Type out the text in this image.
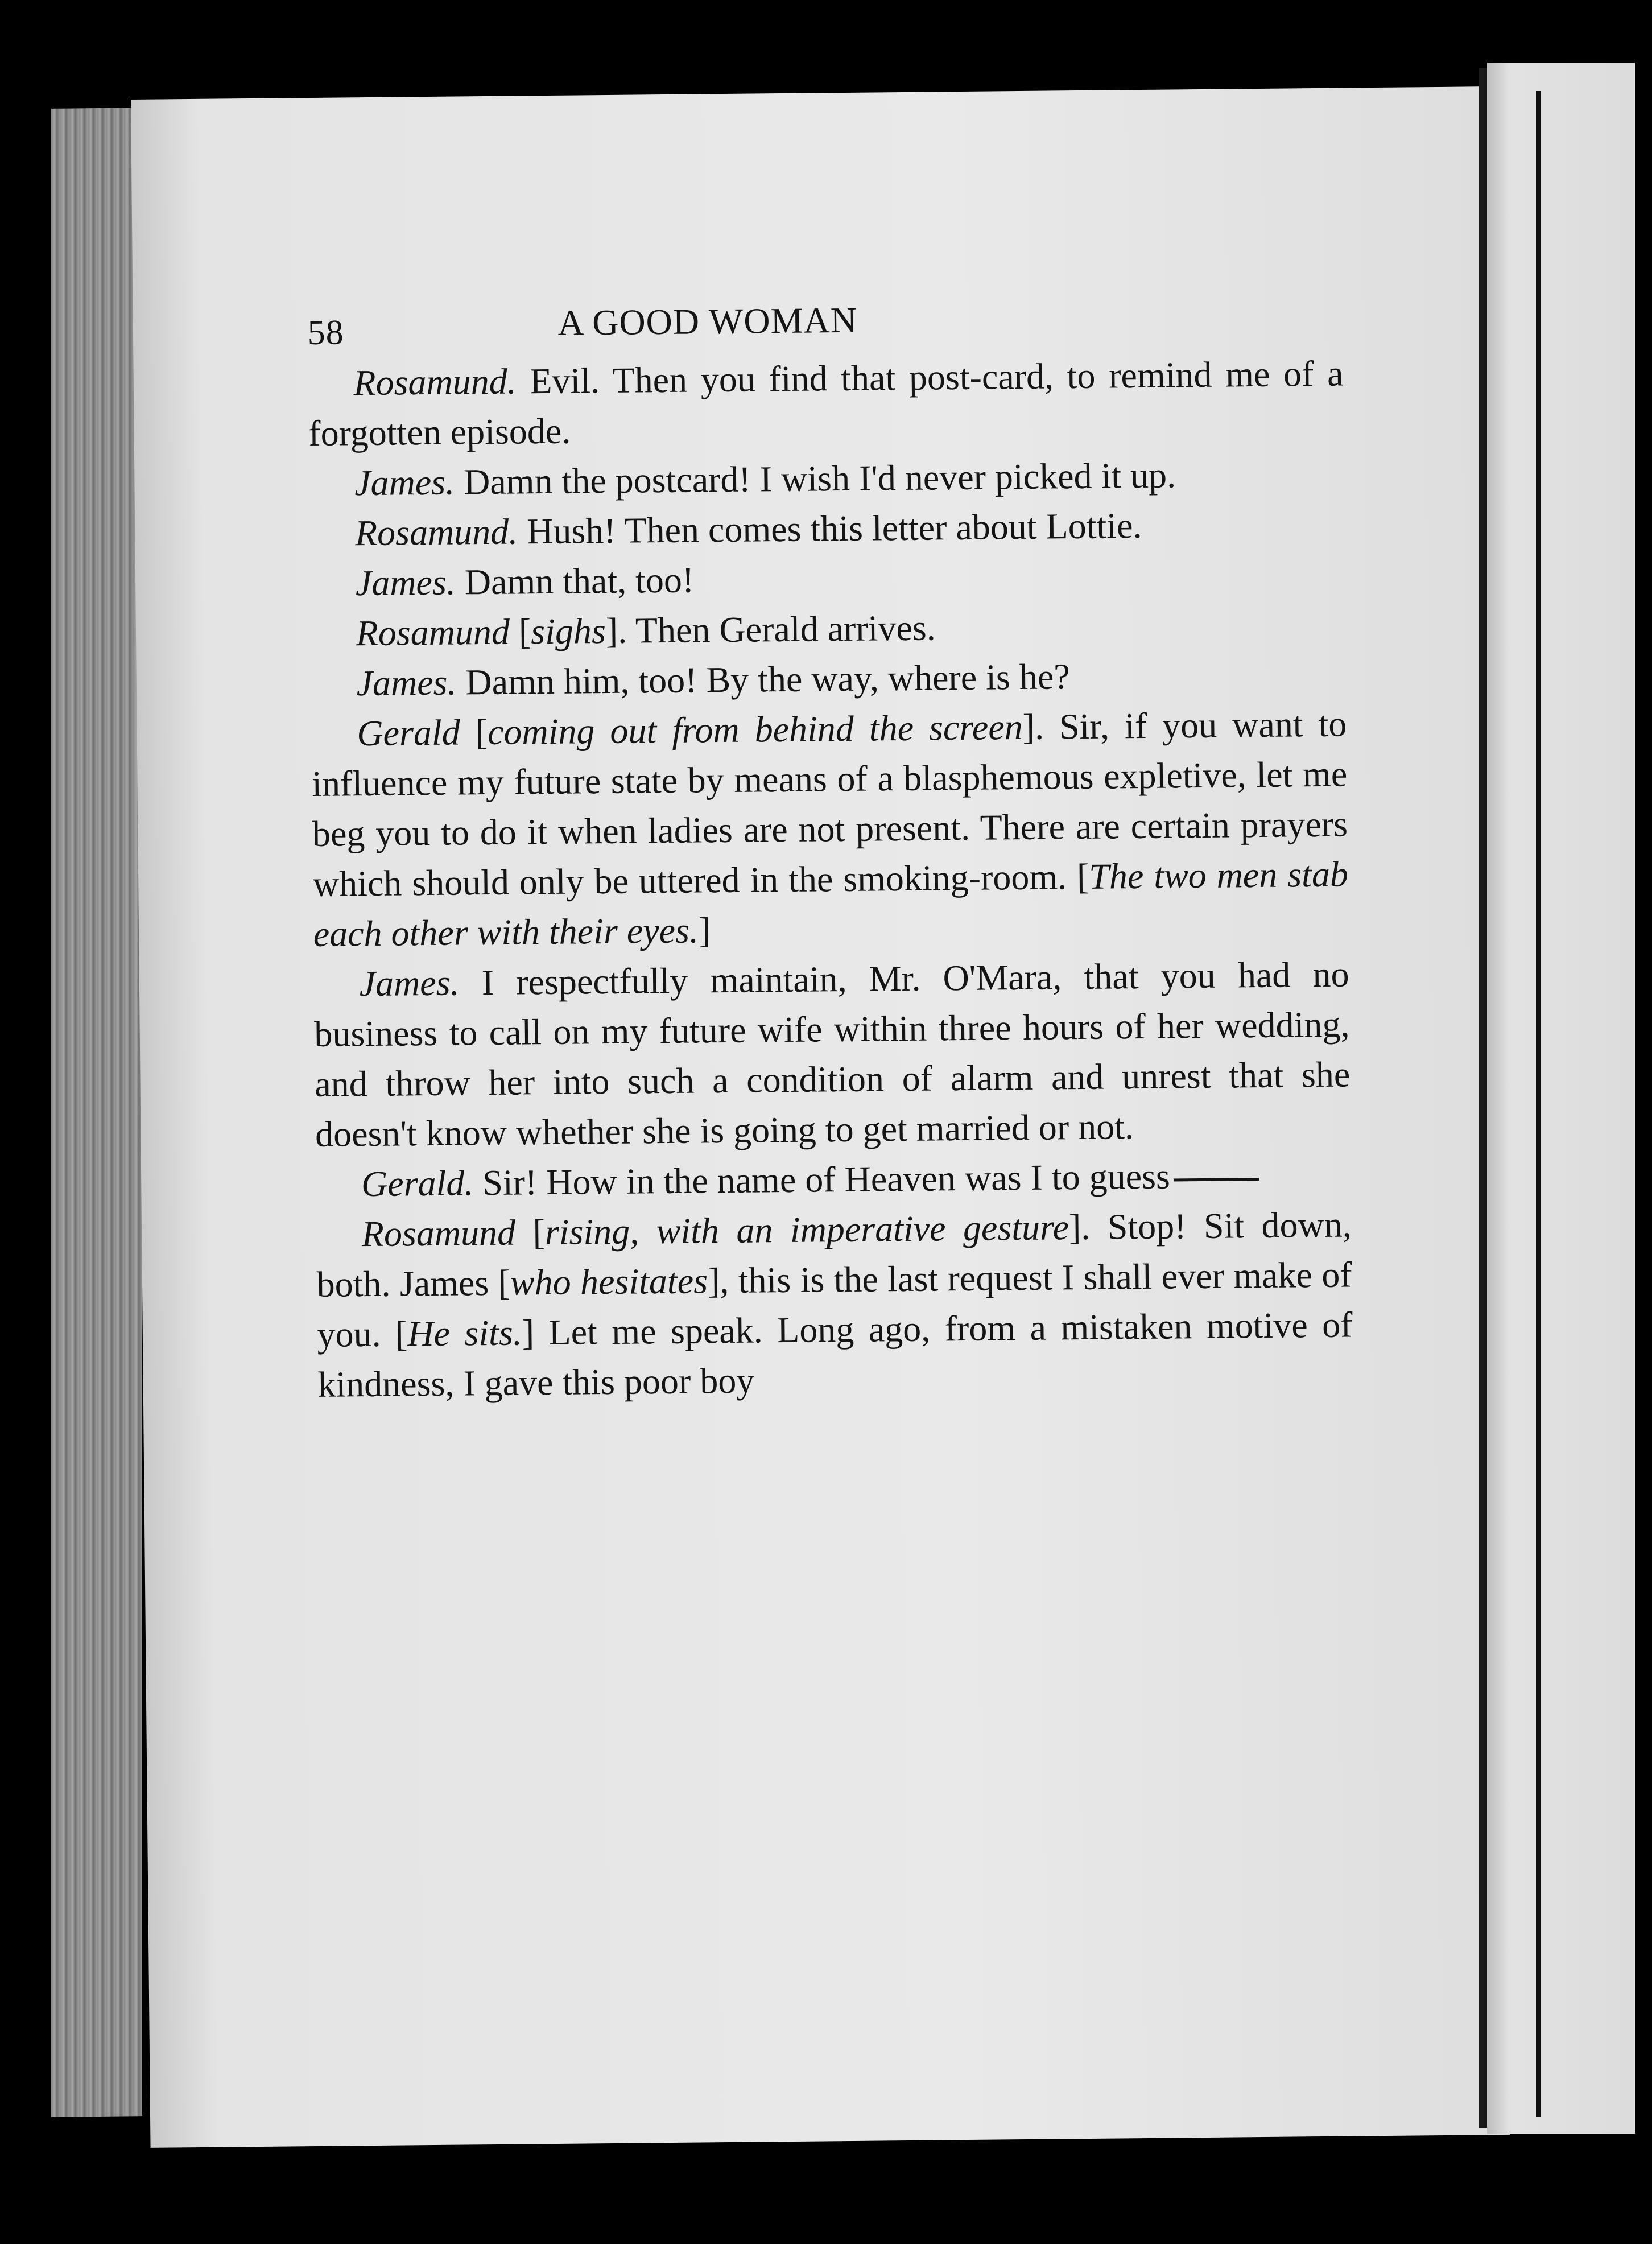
58	A GOOD WOMAN

Rosamund. Evil. Then you find that post-card, to remind me of a forgotten episode.

James. Damn the postcard! I wish I'd never picked it up.

Rosamund. Hush! Then comes this letter about Lottie.

James. Damn that, too!

Rosamund [sighs]. Then Gerald arrives.

James. Damn him, too! By the way, where is he?

Gerald [coming out from behind the screen]. Sir, if you want to influence my future state by means of a blasphemous expletive, let me beg you to do it when ladies are not present. There are certain prayers which should only be uttered in the smoking-room. [The two men stab each other with their eyes.]

James. I respectfully maintain, Mr. O'Mara, that you had no business to call on my future wife within three hours of her wedding, and throw her into such a condition of alarm and unrest that she doesn't know whether she is going to get married or not.

Gerald. Sir! How in the name of Heaven was I to guess

Rosamund [rising, with an imperative gesture]. Stop! Sit down, both. James [who hesitates], this is the last request I shall ever make of you. [He sits.] Let me speak. Long ago, from a mistaken motive of kindness, I gave this poor boy
